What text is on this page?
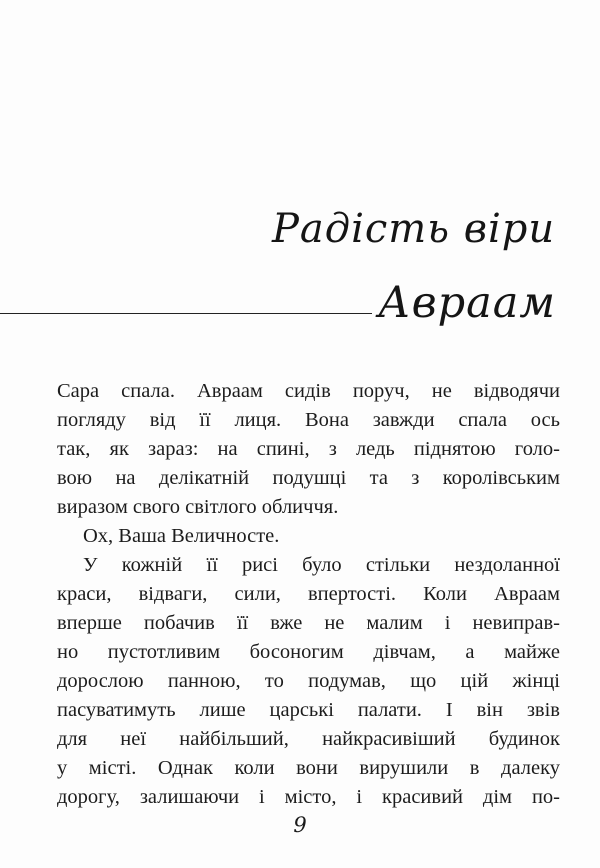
Радість віри
Авраам
Сара спала. Авраам сидів поруч, не відводячи
погляду від її лиця. Вона завжди спала ось
так, як зараз: на спині, з ледь піднятою голо-
вою на делікатній подушці та з королівським
виразом свого світлого обличчя.
Ох, Ваша Величносте.
У кожній її рисі було стільки нездоланної
краси, відваги, сили, впертості. Коли Авраам
вперше побачив її вже не малим і невиправ-
но пустотливим босоногим дівчам, а майже
дорослою панною, то подумав, що цій жінці
пасуватимуть лише царські палати. І він звів
для неї найбільший, найкрасивіший будинок
у місті. Однак коли вони вирушили в далеку
дорогу, залишаючи і місто, і красивий дім по-
9
